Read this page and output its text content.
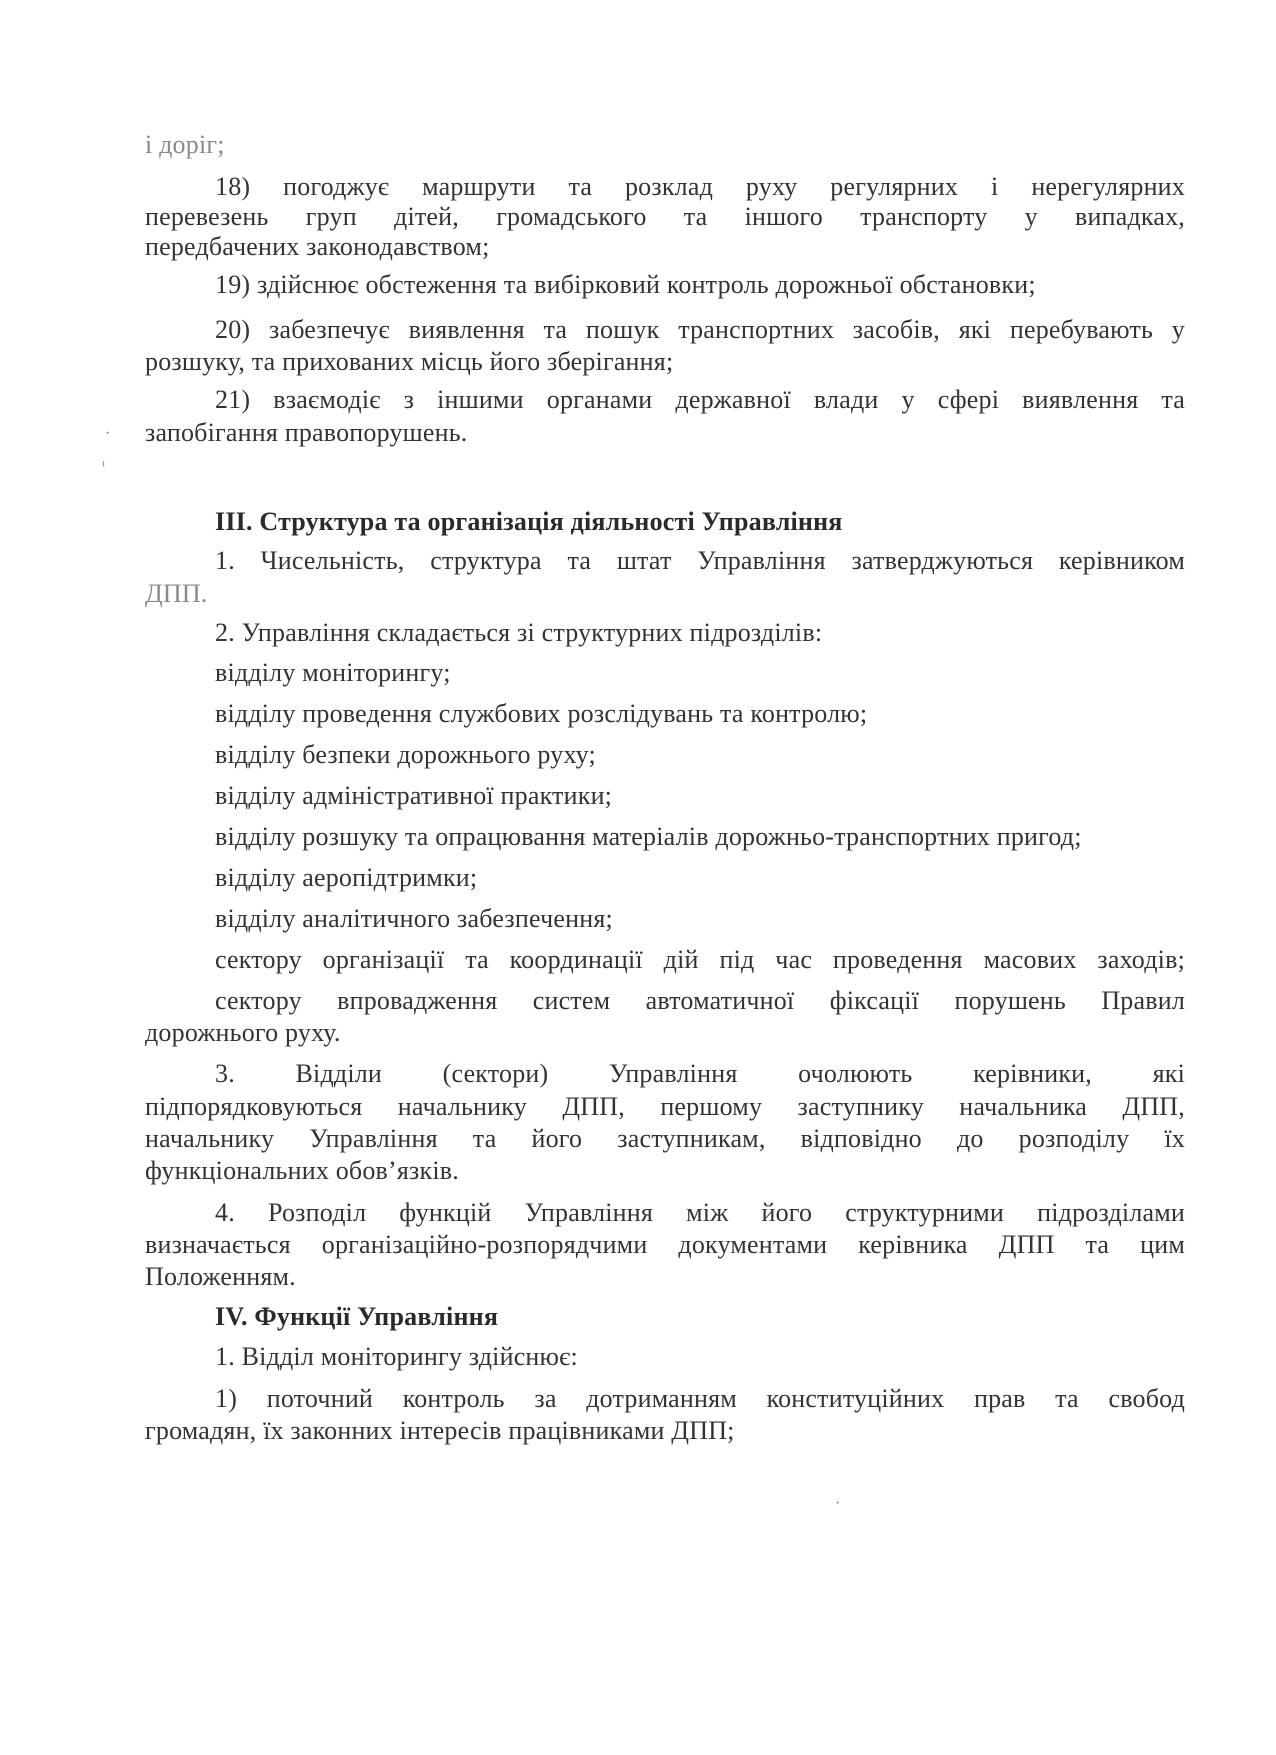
і доріг;
18) погоджує маршрути та розклад руху регулярних і нерегулярних
перевезень груп дітей, громадського та іншого транспорту у випадках,
передбачених законодавством;
19) здійснює обстеження та вибірковий контроль дорожньої обстановки;
20) забезпечує виявлення та пошук транспортних засобів, які перебувають у
розшуку, та прихованих місць його зберігання;
21) взаємодіє з іншими органами державної влади у сфері виявлення та
запобігання правопорушень.
·
ᵗ
III. Структура та організація діяльності Управління
1. Чисельність, структура та штат Управління затверджуються керівником
ДПП.
2. Управління складається зі структурних підрозділів:
відділу моніторингу;
відділу проведення службових розслідувань та контролю;
відділу безпеки дорожнього руху;
відділу адміністративної практики;
відділу розшуку та опрацювання матеріалів дорожньо-транспортних пригод;
відділу аеропідтримки;
відділу аналітичного забезпечення;
сектору організації та координації дій під час проведення масових заходів;
сектору впровадження систем автоматичної фіксації порушень Правил
дорожнього руху.
3. Відділи (сектори) Управління очолюють керівники, які
підпорядковуються начальнику ДПП, першому заступнику начальника ДПП,
начальнику Управління та його заступникам, відповідно до розподілу їх
функціональних обов’язків.
4. Розподіл функцій Управління між його структурними підрозділами
визначається організаційно-розпорядчими документами керівника ДПП та цим
Положенням.
IV. Функції Управління
1. Відділ моніторингу здійснює:
1) поточний контроль за дотриманням конституційних прав та свобод
громадян, їх законних інтересів працівниками ДПП;
·
